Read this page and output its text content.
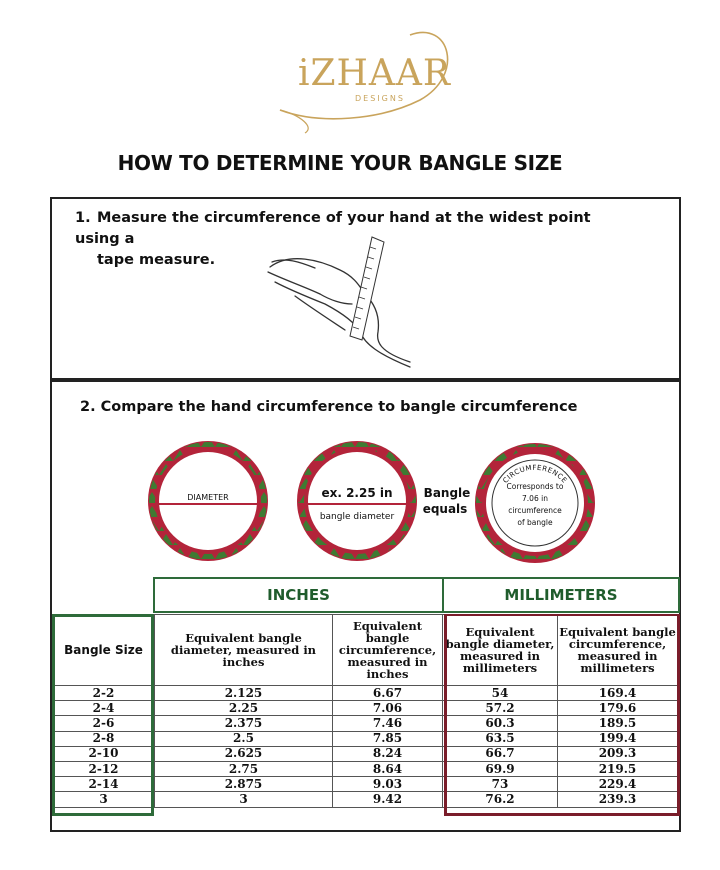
iZHAAR
DESIGNS
HOW TO DETERMINE YOUR BANGLE SIZE
1. Measure the circumference of your hand at the widest point using a

tape measure.
2. Compare the hand circumference to bangle circumference
DIAMETER	ex. 2.25 in
bangle diameter
Bangle
equals
CIRCUMFERENCE
Corresponds to
7.06 in
circumference
of bangle
INCHES	MILLIMETERS
Bangle Size	Equivalent bangle diameter, measured in inches	Equivalent bangle circumference, measured in inches	Equivalent bangle diameter, measured in millimeters	Equivalent bangle circumference, measured in millimeters
2-2	2.125	6.67	54	169.4
2-4	2.25	7.06	57.2	179.6
2-6	2.375	7.46	60.3	189.5
2-8	2.5	7.85	63.5	199.4
2-10	2.625	8.24	66.7	209.3
2-12	2.75	8.64	69.9	219.5
2-14	2.875	9.03	73	229.4
3	3	9.42	76.2	239.3
